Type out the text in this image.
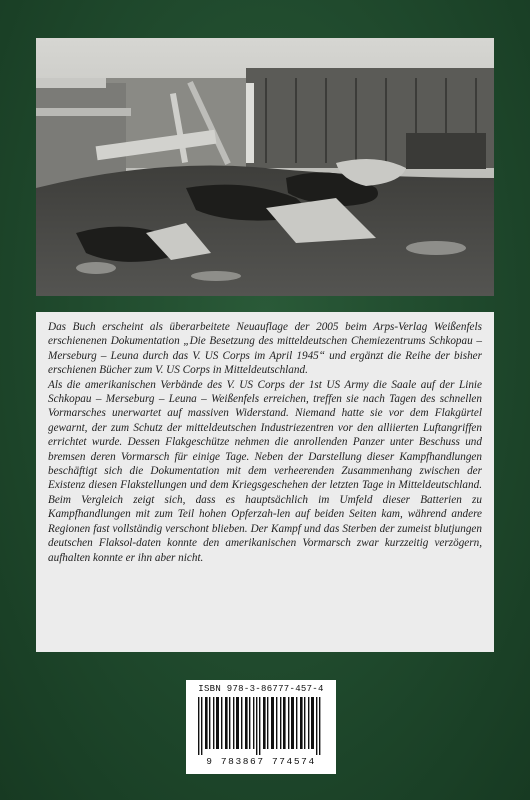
Das Buch erscheint als überarbeitete Neuauflage der 2005 beim Arps-Verlag Weißenfels erschienenen Dokumentation „Die Besetzung des mitteldeutschen Chemiezentrums Schkopau – Merseburg – Leuna durch das V. US Corps im April 1945“ und ergänzt die Reihe der bisher erschienen Bücher zum V. US Corps in Mitteldeutschland.

Als die amerikanischen Verbände des V. US Corps der 1st US Army die Saale auf der Linie Schkopau – Merseburg – Leuna – Weißenfels erreichen, treffen sie nach Tagen des schnellen Vormarsches unerwartet auf massiven Widerstand. Niemand hatte sie vor dem Flakgürtel gewarnt, der zum Schutz der mitteldeutschen Industriezentren vor den alliierten Luftangriffen errichtet wurde. Dessen Flakgeschütze nehmen die anrollenden Panzer unter Beschuss und bremsen deren Vormarsch für einige Tage. Neben der Darstellung dieser Kampfhandlungen beschäftigt sich die Dokumentation mit dem verheerenden Zusammenhang zwischen der Existenz diesen Flakstellungen und dem Kriegsgeschehen der letzten Tage in Mitteldeutschland. Beim Vergleich zeigt sich, dass es hauptsächlich im Umfeld dieser Batterien zu Kampfhandlungen mit zum Teil hohen Opferzah-len auf beiden Seiten kam, während andere Regionen fast vollständig verschont blieben. Der Kampf und das Sterben der zumeist blutjungen deutschen Flaksol-daten konnte den amerikanischen Vormarsch zwar kurzzeitig verzögern, aufhalten konnte er ihn aber nicht.

ISBN 978-3-86777-457-4
9 783867 774574
